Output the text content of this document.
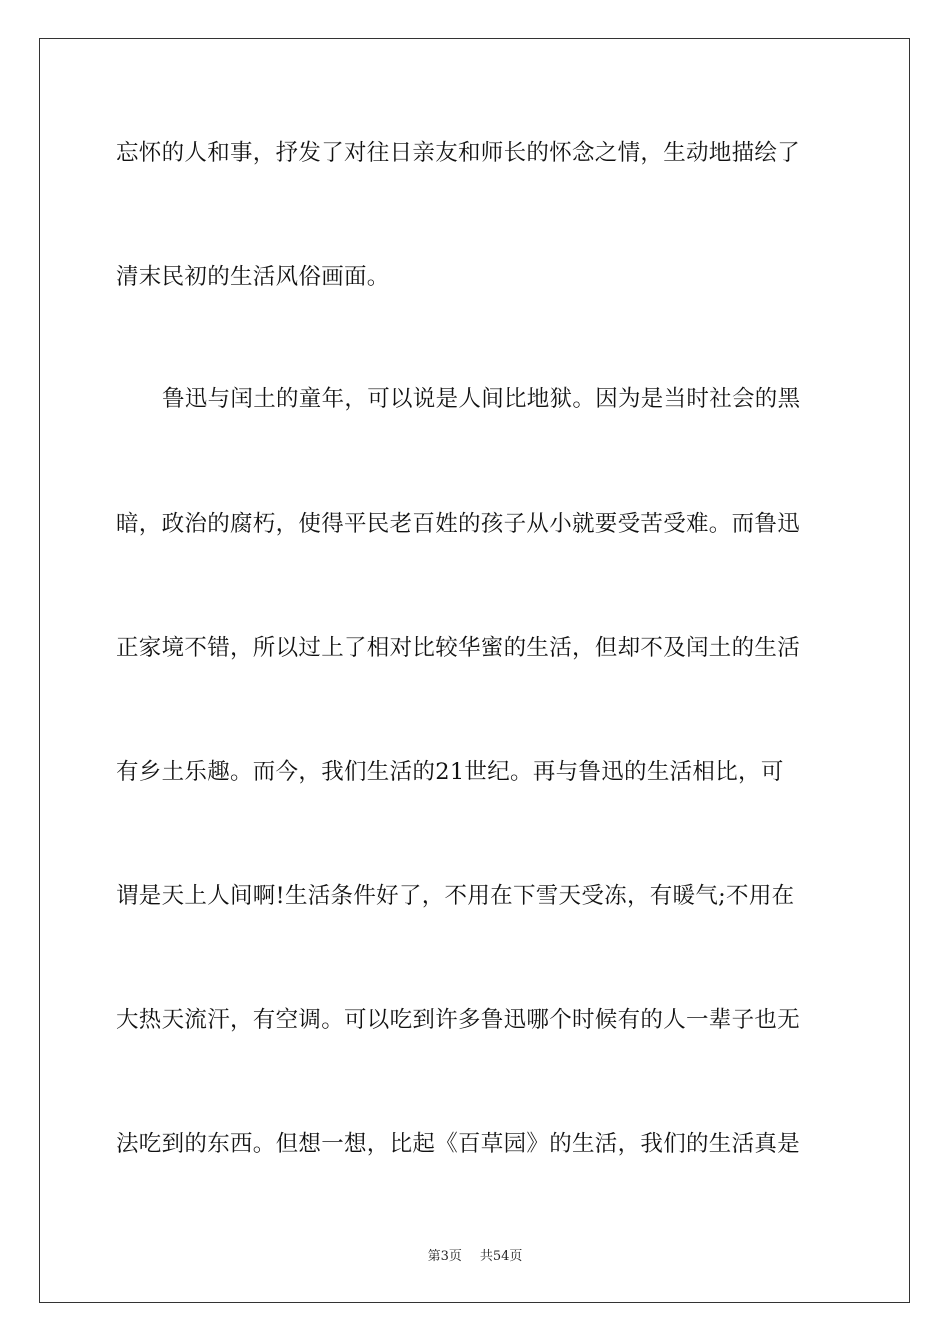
忘怀的人和事，抒发了对往日亲友和师长的怀念之情，生动地描绘了
清末民初的生活风俗画面。
鲁迅与闰土的童年，可以说是人间比地狱。因为是当时社会的黑
暗，政治的腐朽，使得平民老百姓的孩子从小就要受苦受难。而鲁迅
正家境不错，所以过上了相对比较华蜜的生活，但却不及闰土的生活
有乡土乐趣。而今，我们生活的21世纪。再与鲁迅的生活相比，可
谓是天上人间啊!生活条件好了，不用在下雪天受冻，有暖气;不用在
大热天流汗，有空调。可以吃到许多鲁迅哪个时候有的人一辈子也无
法吃到的东西。但想一想，比起《百草园》的生活，我们的生活真是
第3页 共54页
